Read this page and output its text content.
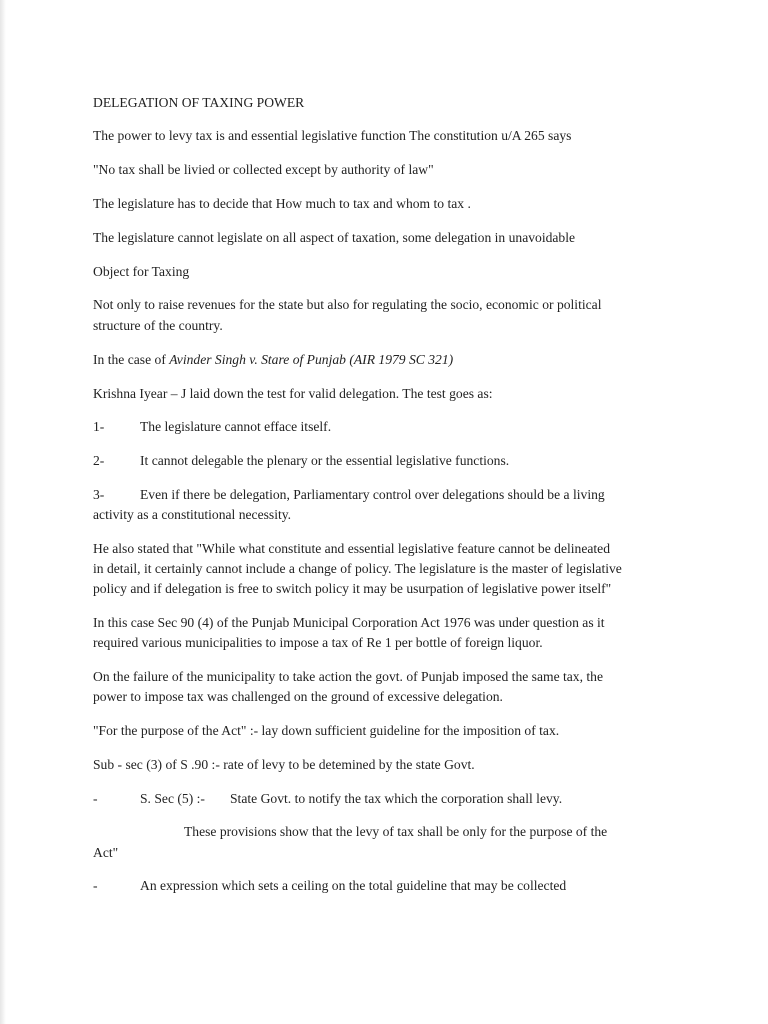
DELEGATION OF TAXING POWER
The power to levy tax is and essential legislative function The constitution u/A 265 says
"No tax shall be livied or collected except by authority of law"
The legislature has to decide that How much to tax and whom to tax .
The legislature cannot legislate on all aspect of taxation, some delegation in unavoidable
Object for Taxing
Not only to raise revenues for the state but also for regulating the socio, economic or political
structure of the country.
In the case of Avinder Singh v. Stare of Punjab (AIR 1979 SC 321)
Krishna Iyear – J laid down the test for valid delegation. The test goes as:
1-	The legislature cannot efface itself.
2-	It cannot delegable the plenary or the essential legislative functions.
3-	Even if there be delegation, Parliamentary control over delegations should be a living
activity as a constitutional necessity.
He also stated that "While what constitute and essential legislative feature cannot be delineated
in detail, it certainly cannot include a change of policy. The legislature is the master of legislative
policy and if delegation is free to switch policy it may be usurpation of legislative power itself"
In this case Sec 90 (4) of the Punjab Municipal Corporation Act 1976 was under question as it
required various municipalities to impose a tax of Re 1 per bottle of foreign liquor.
On the failure of the municipality to take action the govt. of Punjab imposed the same tax, the
power to impose tax was challenged on the ground of excessive delegation.
"For the purpose of the Act" :- lay down sufficient guideline for the imposition of tax.
Sub - sec (3) of S .90 :- rate of levy to be detemined by the state Govt.
-	S. Sec (5) :- State Govt. to notify the tax which the corporation shall levy.
These provisions show that the levy of tax shall be only for the purpose of the
Act"
-	An expression which sets a ceiling on the total guideline that may be collected
